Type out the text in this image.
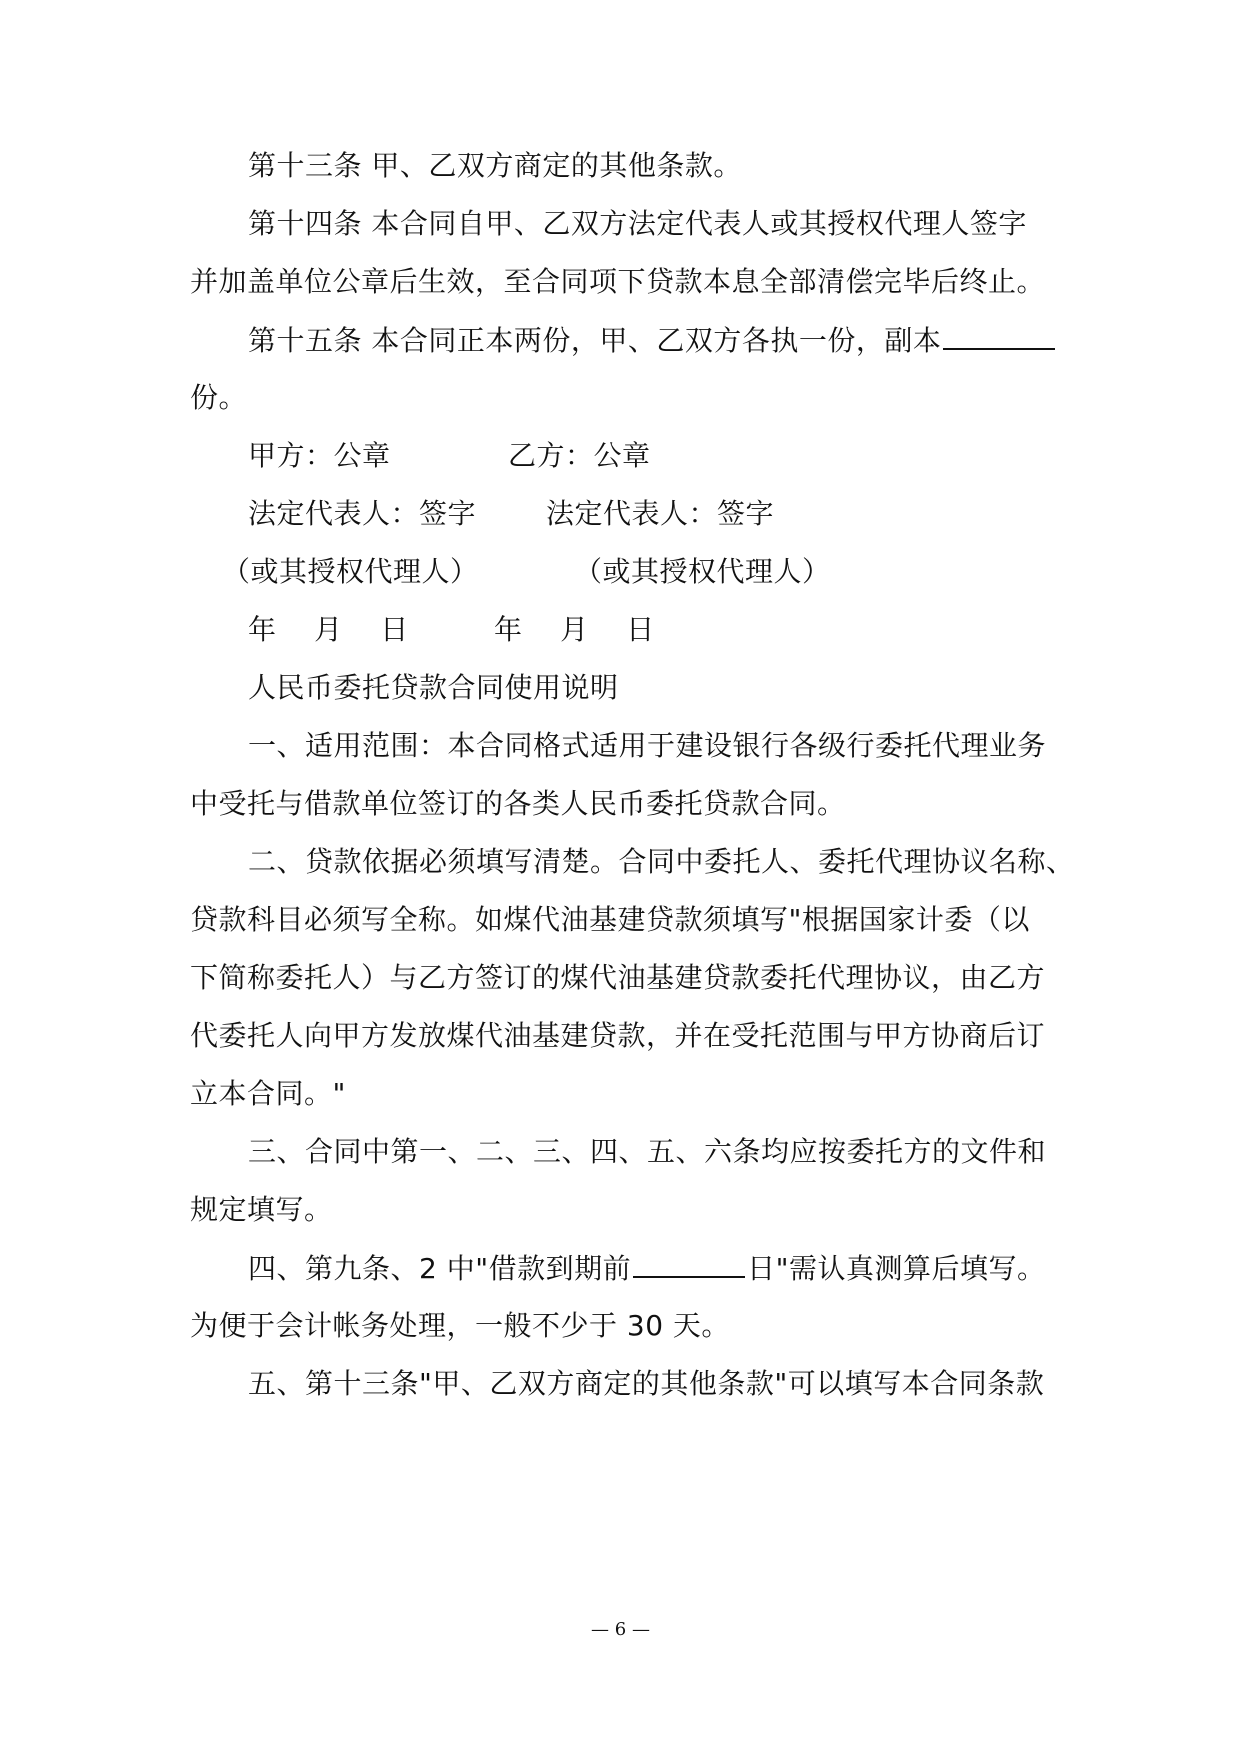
第十三条 甲、乙双方商定的其他条款。
第十四条 本合同自甲、乙双方法定代表人或其授权代理人签字
并加盖单位公章后生效，至合同项下贷款本息全部清偿完毕后终止。
第十五条 本合同正本两份，甲、乙双方各执一份，副本
份。
甲方：公章	乙方：公章
法定代表人：签字	法定代表人：签字
（或其授权代理人）	（或其授权代理人）
年    月    日	年    月    日
人民币委托贷款合同使用说明
一、适用范围：本合同格式适用于建设银行各级行委托代理业务
中受托与借款单位签订的各类人民币委托贷款合同。
二、贷款依据必须填写清楚。合同中委托人、委托代理协议名称、
贷款科目必须写全称。如煤代油基建贷款须填写"根据国家计委（以
下简称委托人）与乙方签订的煤代油基建贷款委托代理协议，由乙方
代委托人向甲方发放煤代油基建贷款，并在受托范围与甲方协商后订
立本合同。"
三、合同中第一、二、三、四、五、六条均应按委托方的文件和
规定填写。
四、第九条、2 中"借款到期前	日"需认真测算后填写。
为便于会计帐务处理，一般不少于 30 天。
五、第十三条"甲、乙双方商定的其他条款"可以填写本合同条款
— 6 —
